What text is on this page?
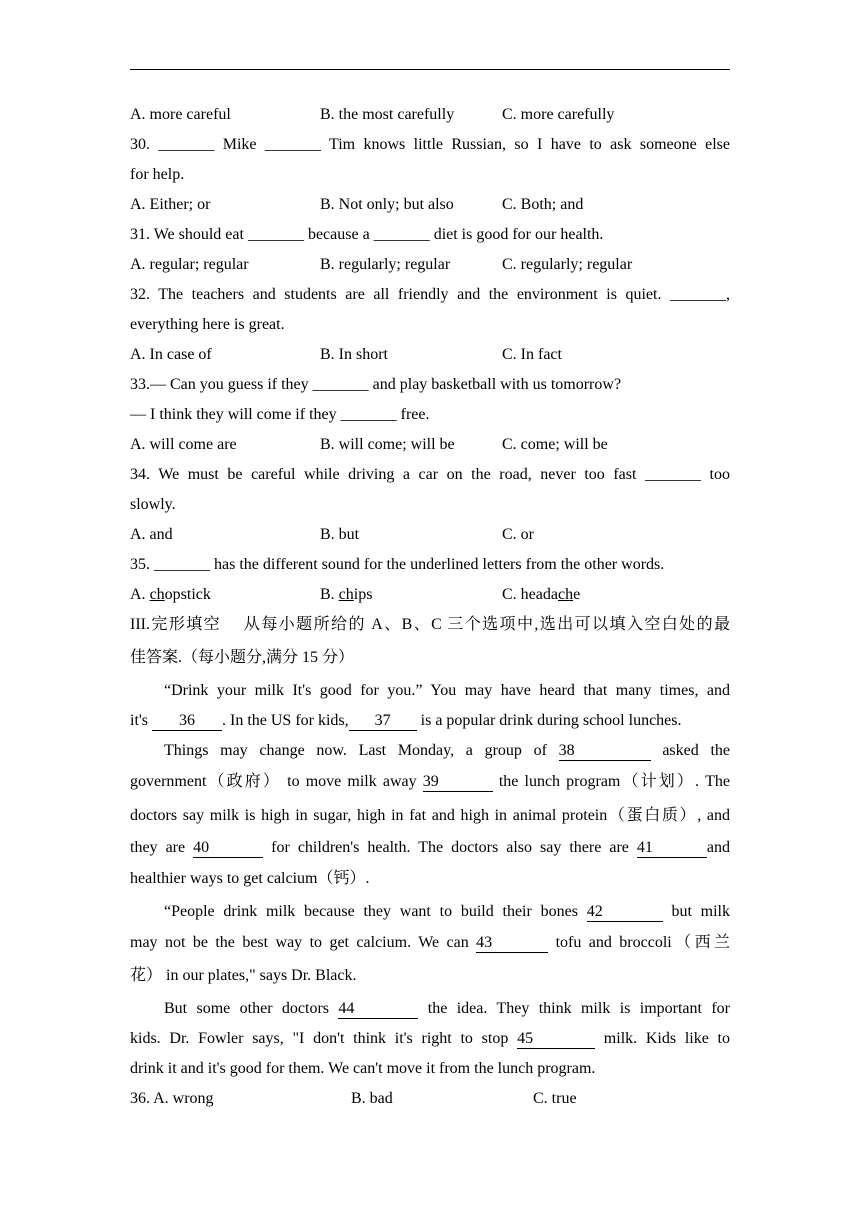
A. more careful	B. the most carefully	C. more carefully
30. _______ Mike _______ Tim knows little Russian, so I have to ask someone else
for help.
A. Either; or	B. Not only; but also	C. Both; and
31. We should eat _______ because a _______ diet is good for our health.
A. regular; regular	B. regularly; regular	C. regularly; regular
32. The teachers and students are all friendly and the environment is quiet. _______,
everything here is great.
A. In case of	B. In short	C. In fact
33.— Can you guess if they _______ and play basketball with us tomorrow?
— I think they will come if they _______ free.
A. will come are	B. will come; will be	C. come; will be
34. We must be careful while driving a car on the road, never too fast _______ too
slowly.
A. and	B. but	C. or
35. _______ has the different sound for the underlined letters from the other words.
A. chopstick	B. chips	C. headаche
III.完形填空　 从每小题所给的 A、B、C 三个选项中,选出可以填入空白处的最
佳答案.（每小题分,满分 15 分）
“Drink your milk It's good for you.” You may have heard that many times, and
it's 36 . In the US for kids, 37 is a popular drink during school lunches.
Things may change now. Last Monday, a group of 38	asked the
government（政府） to move milk away 39	the lunch program（计划）. The
doctors say milk is high in sugar, high in fat and high in animal protein（蛋白质）, and
they are 40	for children's health. The doctors also say there are 41	and
healthier ways to get calcium（钙）.
“People drink milk because they want to build their bones 42	but milk
may not be the best way to get calcium. We can 43	tofu and broccoli（西兰
花） in our plates," says Dr. Black.
But some other doctors 44	the idea. They think milk is important for
kids. Dr. Fowler says, "I don't think it's right to stop 45	milk. Kids like to
drink it and it's good for them. We can't move it from the lunch program.
36. A. wrong	B. bad	C. true
